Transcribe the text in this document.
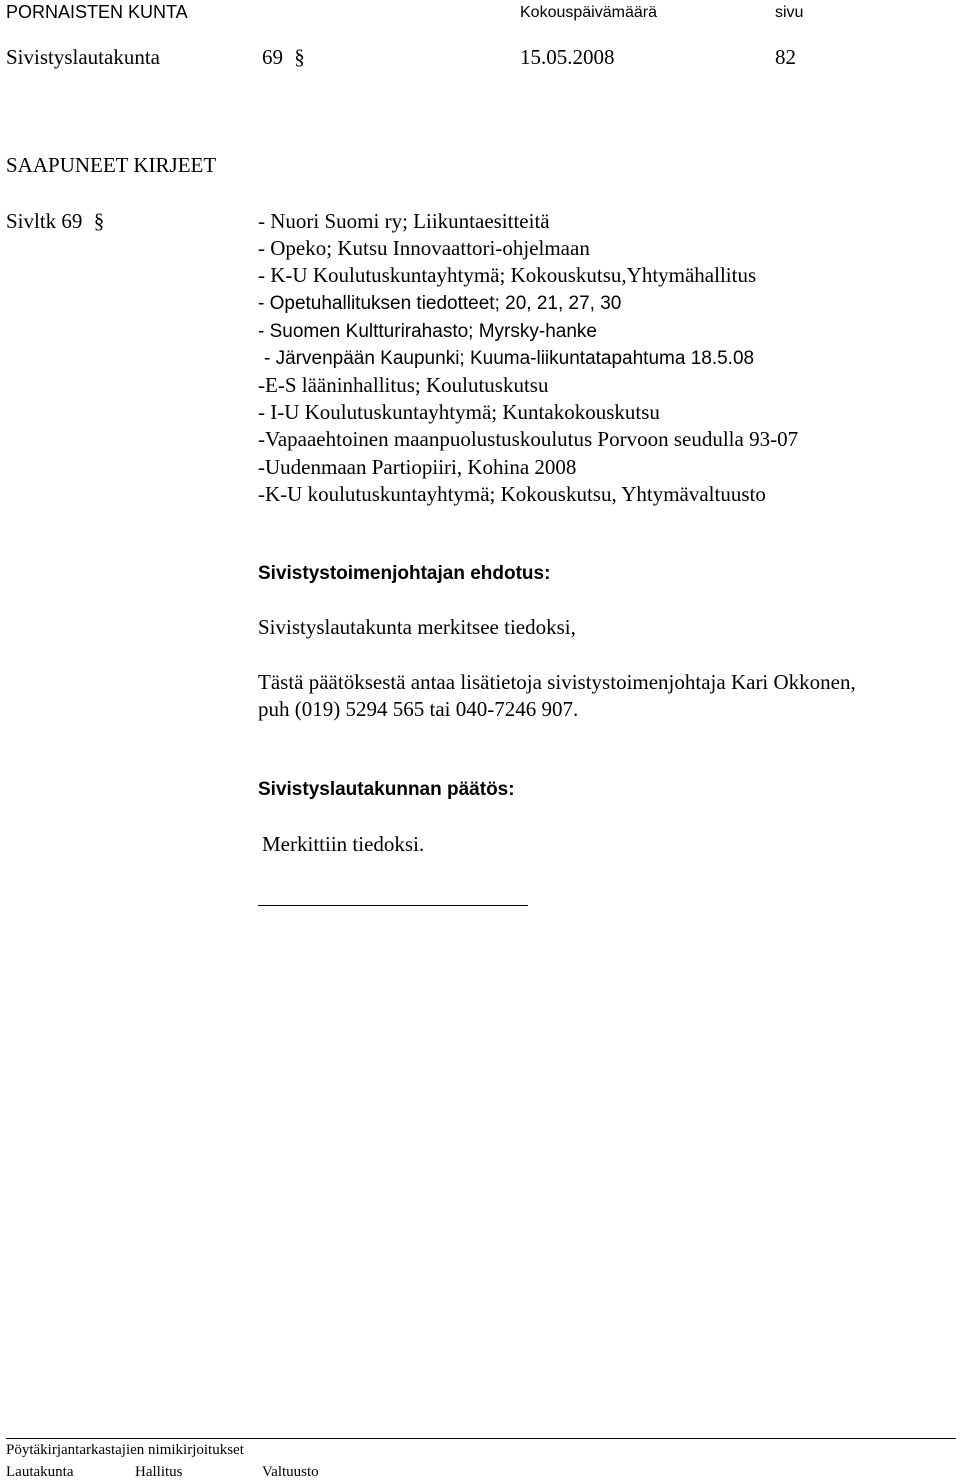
PORNAISTEN KUNTA	Kokouspäivämäärä	sivu
Sivistyslautakunta	69 §	15.05.2008	82
SAAPUNEET KIRJEET
Sivltk 69 §	- Nuori Suomi ry; Liikuntaesitteitä
- Opeko; Kutsu Innovaattori-ohjelmaan
- K-U Koulutuskuntayhtymä; Kokouskutsu,Yhtymähallitus
- Opetuhallituksen tiedotteet; 20, 21, 27, 30
- Suomen Kultturirahasto; Myrsky-hanke
- Järvenpään Kaupunki; Kuuma-liikuntatapahtuma 18.5.08
-E-S lääninhallitus; Koulutuskutsu
- I-U Koulutuskuntayhtymä; Kuntakokouskutsu
-Vapaaehtoinen maanpuolustuskoulutus Porvoon seudulla 93-07
-Uudenmaan Partiopiiri, Kohina 2008
-K-U koulutuskuntayhtymä; Kokouskutsu, Yhtymävaltuusto
Sivistystoimenjohtajan ehdotus:
Sivistyslautakunta merkitsee tiedoksi,
Tästä päätöksestä antaa lisätietoja sivistystoimenjohtaja Kari Okkonen,
puh (019) 5294 565 tai 040-7246 907.
Sivistyslautakunnan päätös:
Merkittiin tiedoksi.
Pöytäkirjantarkastajien nimikirjoitukset
Lautakunta	Hallitus	Valtuusto
